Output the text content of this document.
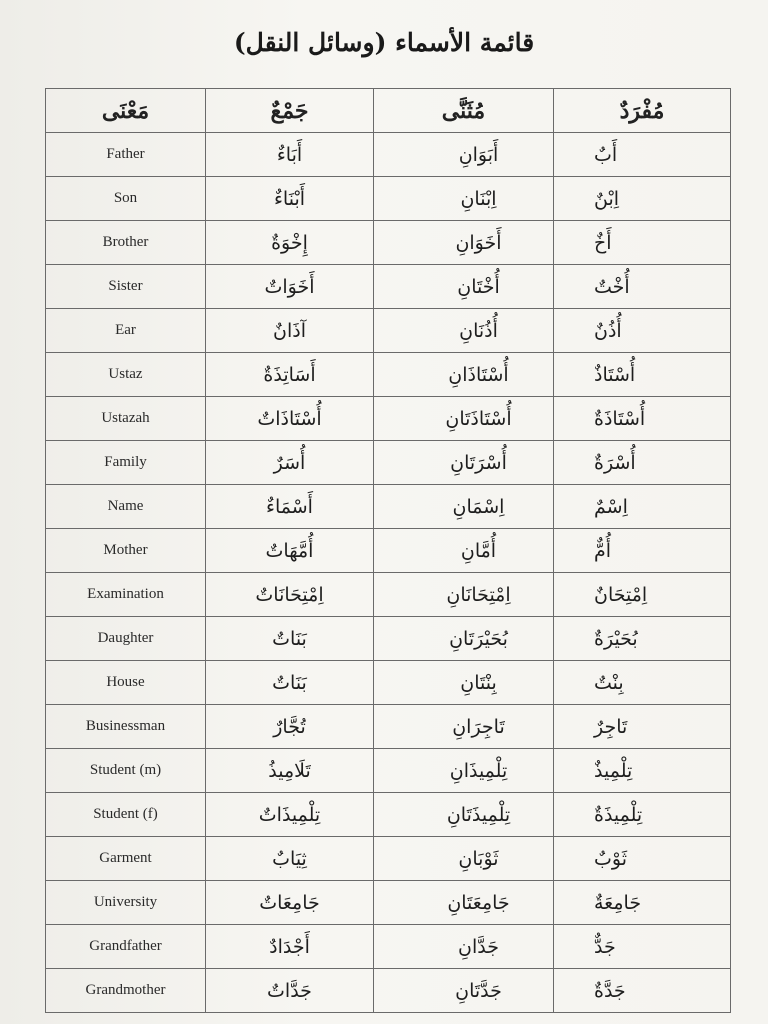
قائمة الأسماء (وسائل النقل)
مَعْنَى	جَمْعٌ	مُثَنَّى	مُفْرَدٌ
Father	أَبَاءٌ	أَبَوَانِ	أَبٌ
Son	أَبْنَاءٌ	اِبْنَانِ	اِبْنٌ
Brother	إِخْوَةٌ	أَخَوَانِ	أَخٌ
Sister	أَخَوَاتٌ	أُخْتَانِ	أُخْتٌ
Ear	آذَانٌ	أُذُنَانِ	أُذُنٌ
Ustaz	أَسَاتِذَةٌ	أُسْتَاذَانِ	أُسْتَاذٌ
Ustazah	أُسْتَاذَاتٌ	أُسْتَاذَتَانِ	أُسْتَاذَةٌ
Family	أُسَرٌ	أُسْرَتَانِ	أُسْرَةٌ
Name	أَسْمَاءٌ	اِسْمَانِ	اِسْمٌ
Mother	أُمَّهَاتٌ	أُمَّانِ	أُمٌّ
Examination	اِمْتِحَانَاتٌ	اِمْتِحَانَانِ	اِمْتِحَانٌ
Daughter	بَنَاتٌ	بُحَيْرَتَانِ	بُحَيْرَةٌ
House	بَنَاتٌ	بِنْتَانِ	بِنْتٌ
Businessman	تُجَّارٌ	تَاجِرَانِ	تَاجِرٌ
Student (m)	تَلَامِيذُ	تِلْمِيذَانِ	تِلْمِيذٌ
Student (f)	تِلْمِيذَاتٌ	تِلْمِيذَتَانِ	تِلْمِيذَةٌ
Garment	ثِيَابٌ	ثَوْبَانِ	ثَوْبٌ
University	جَامِعَاتٌ	جَامِعَتَانِ	جَامِعَةٌ
Grandfather	أَجْدَادٌ	جَدَّانِ	جَدٌّ
Grandmother	جَدَّاتٌ	جَدَّتَانِ	جَدَّةٌ
